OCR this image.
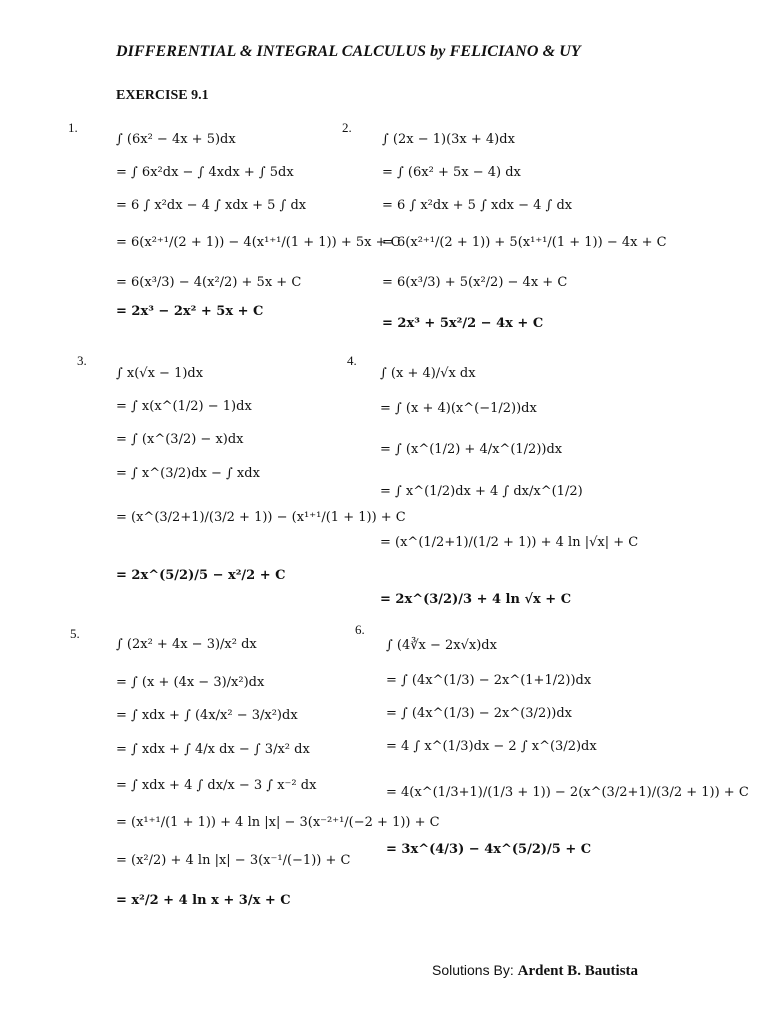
DIFFERENTIAL & INTEGRAL CALCULUS by FELICIANO & UY
EXERCISE 9.1
1.
∫ (6x² − 4x + 5)dx
= ∫ 6x²dx − ∫ 4xdx + ∫ 5dx
= 6 ∫ x²dx − 4 ∫ xdx + 5 ∫ dx
= 6(x²⁺¹/(2 + 1)) − 4(x¹⁺¹/(1 + 1)) + 5x + C
= 6(x³/3) − 4(x²/2) + 5x + C
= 2x³ − 2x² + 5x + C
2.
∫ (2x − 1)(3x + 4)dx
= ∫ (6x² + 5x − 4) dx
= 6 ∫ x²dx + 5 ∫ xdx − 4 ∫ dx
= 6(x²⁺¹/(2 + 1)) + 5(x¹⁺¹/(1 + 1)) − 4x + C
= 6(x³/3) + 5(x²/2) − 4x + C
= 2x³ + 5x²/2 − 4x + C
3.
∫ x(√x − 1)dx
= ∫ x(x^(1/2) − 1)dx
= ∫ (x^(3/2) − x)dx
= ∫ x^(3/2)dx − ∫ xdx
= (x^(3/2+1)/(3/2 + 1)) − (x¹⁺¹/(1 + 1)) + C
= 2x^(5/2)/5 − x²/2 + C
4.
∫ (x + 4)/√x dx
= ∫ (x + 4)(x^(−1/2))dx
= ∫ (x^(1/2) + 4/x^(1/2))dx
= ∫ x^(1/2)dx + 4 ∫ dx/x^(1/2)
= (x^(1/2+1)/(1/2 + 1)) + 4 ln |√x| + C
= 2x^(3/2)/3 + 4 ln √x + C
5.
∫ (2x² + 4x − 3)/x² dx
= ∫ (x + (4x − 3)/x²)dx
= ∫ xdx + ∫ (4x/x² − 3/x²)dx
= ∫ xdx + ∫ 4/x dx − ∫ 3/x² dx
= ∫ xdx + 4 ∫ dx/x − 3 ∫ x⁻² dx
= (x¹⁺¹/(1 + 1)) + 4 ln |x| − 3(x⁻²⁺¹/(−2 + 1)) + C
= (x²/2) + 4 ln |x| − 3(x⁻¹/(−1)) + C
= x²/2 + 4 ln x + 3/x + C
6.
∫ (4∛x − 2x√x)dx
= ∫ (4x^(1/3) − 2x^(1+1/2))dx
= ∫ (4x^(1/3) − 2x^(3/2))dx
= 4 ∫ x^(1/3)dx − 2 ∫ x^(3/2)dx
= 4(x^(1/3+1)/(1/3 + 1)) − 2(x^(3/2+1)/(3/2 + 1)) + C
= 3x^(4/3) − 4x^(5/2)/5 + C
Solutions By: Ardent B. Bautista
